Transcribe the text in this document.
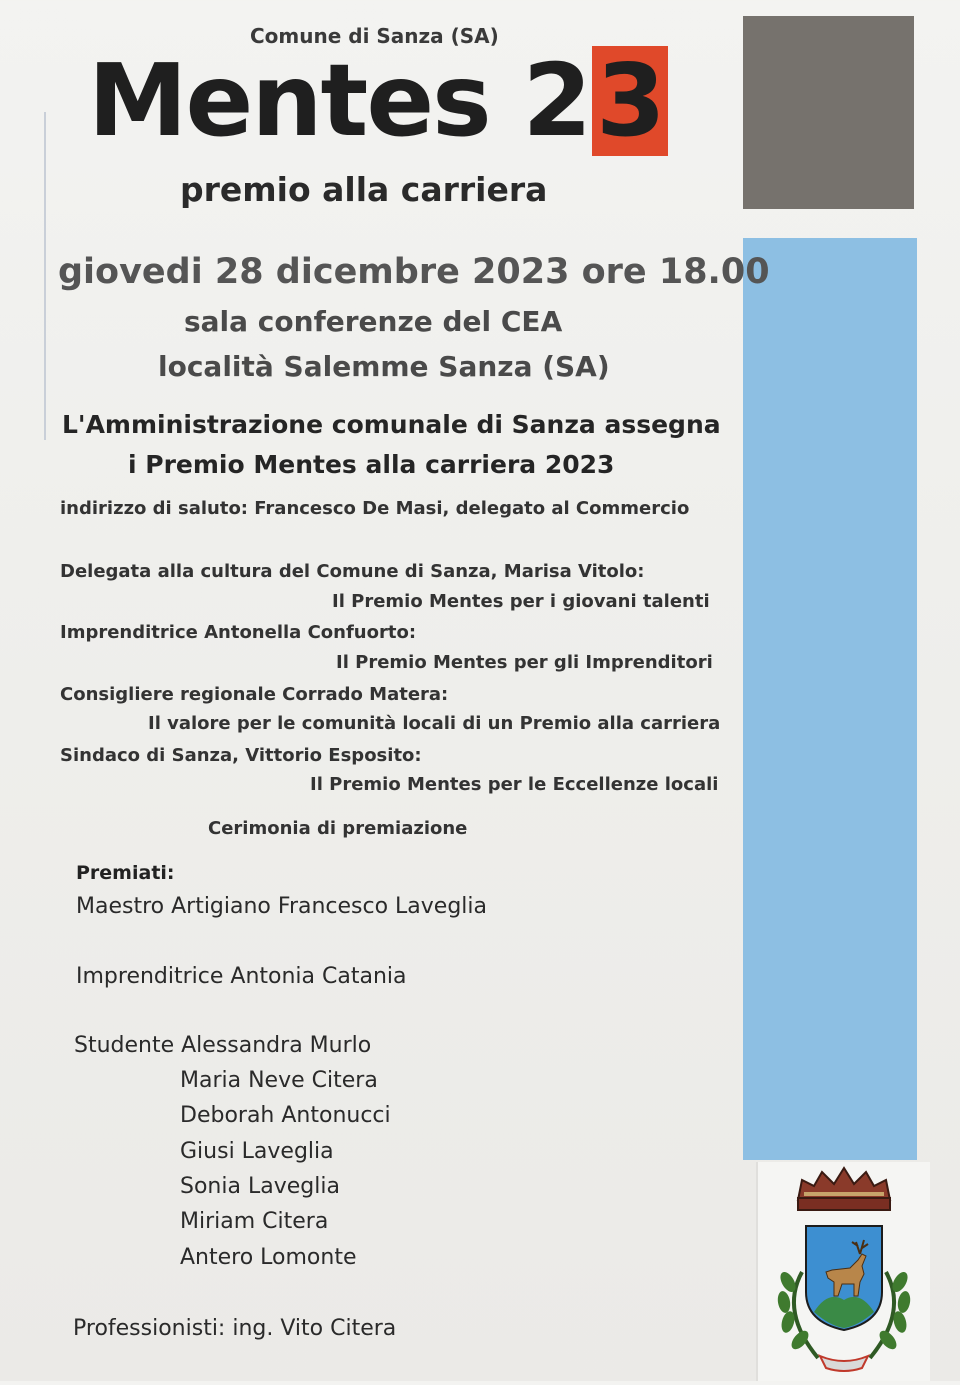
Comune di Sanza (SA)
Mentes 23
premio alla carriera
giovedi 28 dicembre 2023 ore 18.00
sala conferenze del CEA
località Salemme Sanza (SA)
L'Amministrazione comunale di Sanza assegna
i Premio Mentes alla carriera 2023
indirizzo di saluto: Francesco De Masi, delegato al Commercio
Delegata alla cultura del Comune di Sanza, Marisa Vitolo:
Il Premio Mentes per i giovani talenti
Imprenditrice Antonella Confuorto:
Il Premio Mentes per gli Imprenditori
Consigliere regionale Corrado Matera:
Il valore per le comunità locali di un Premio alla carriera
Sindaco di Sanza, Vittorio Esposito:
Il Premio Mentes per le Eccellenze locali
Cerimonia di premiazione
Premiati:
Maestro Artigiano Francesco Laveglia
Imprenditrice Antonia Catania
Studente Alessandra Murlo
Maria Neve Citera
Deborah Antonucci
Giusi Laveglia
Sonia Laveglia
Miriam Citera
Antero Lomonte
Professionisti: ing. Vito Citera
